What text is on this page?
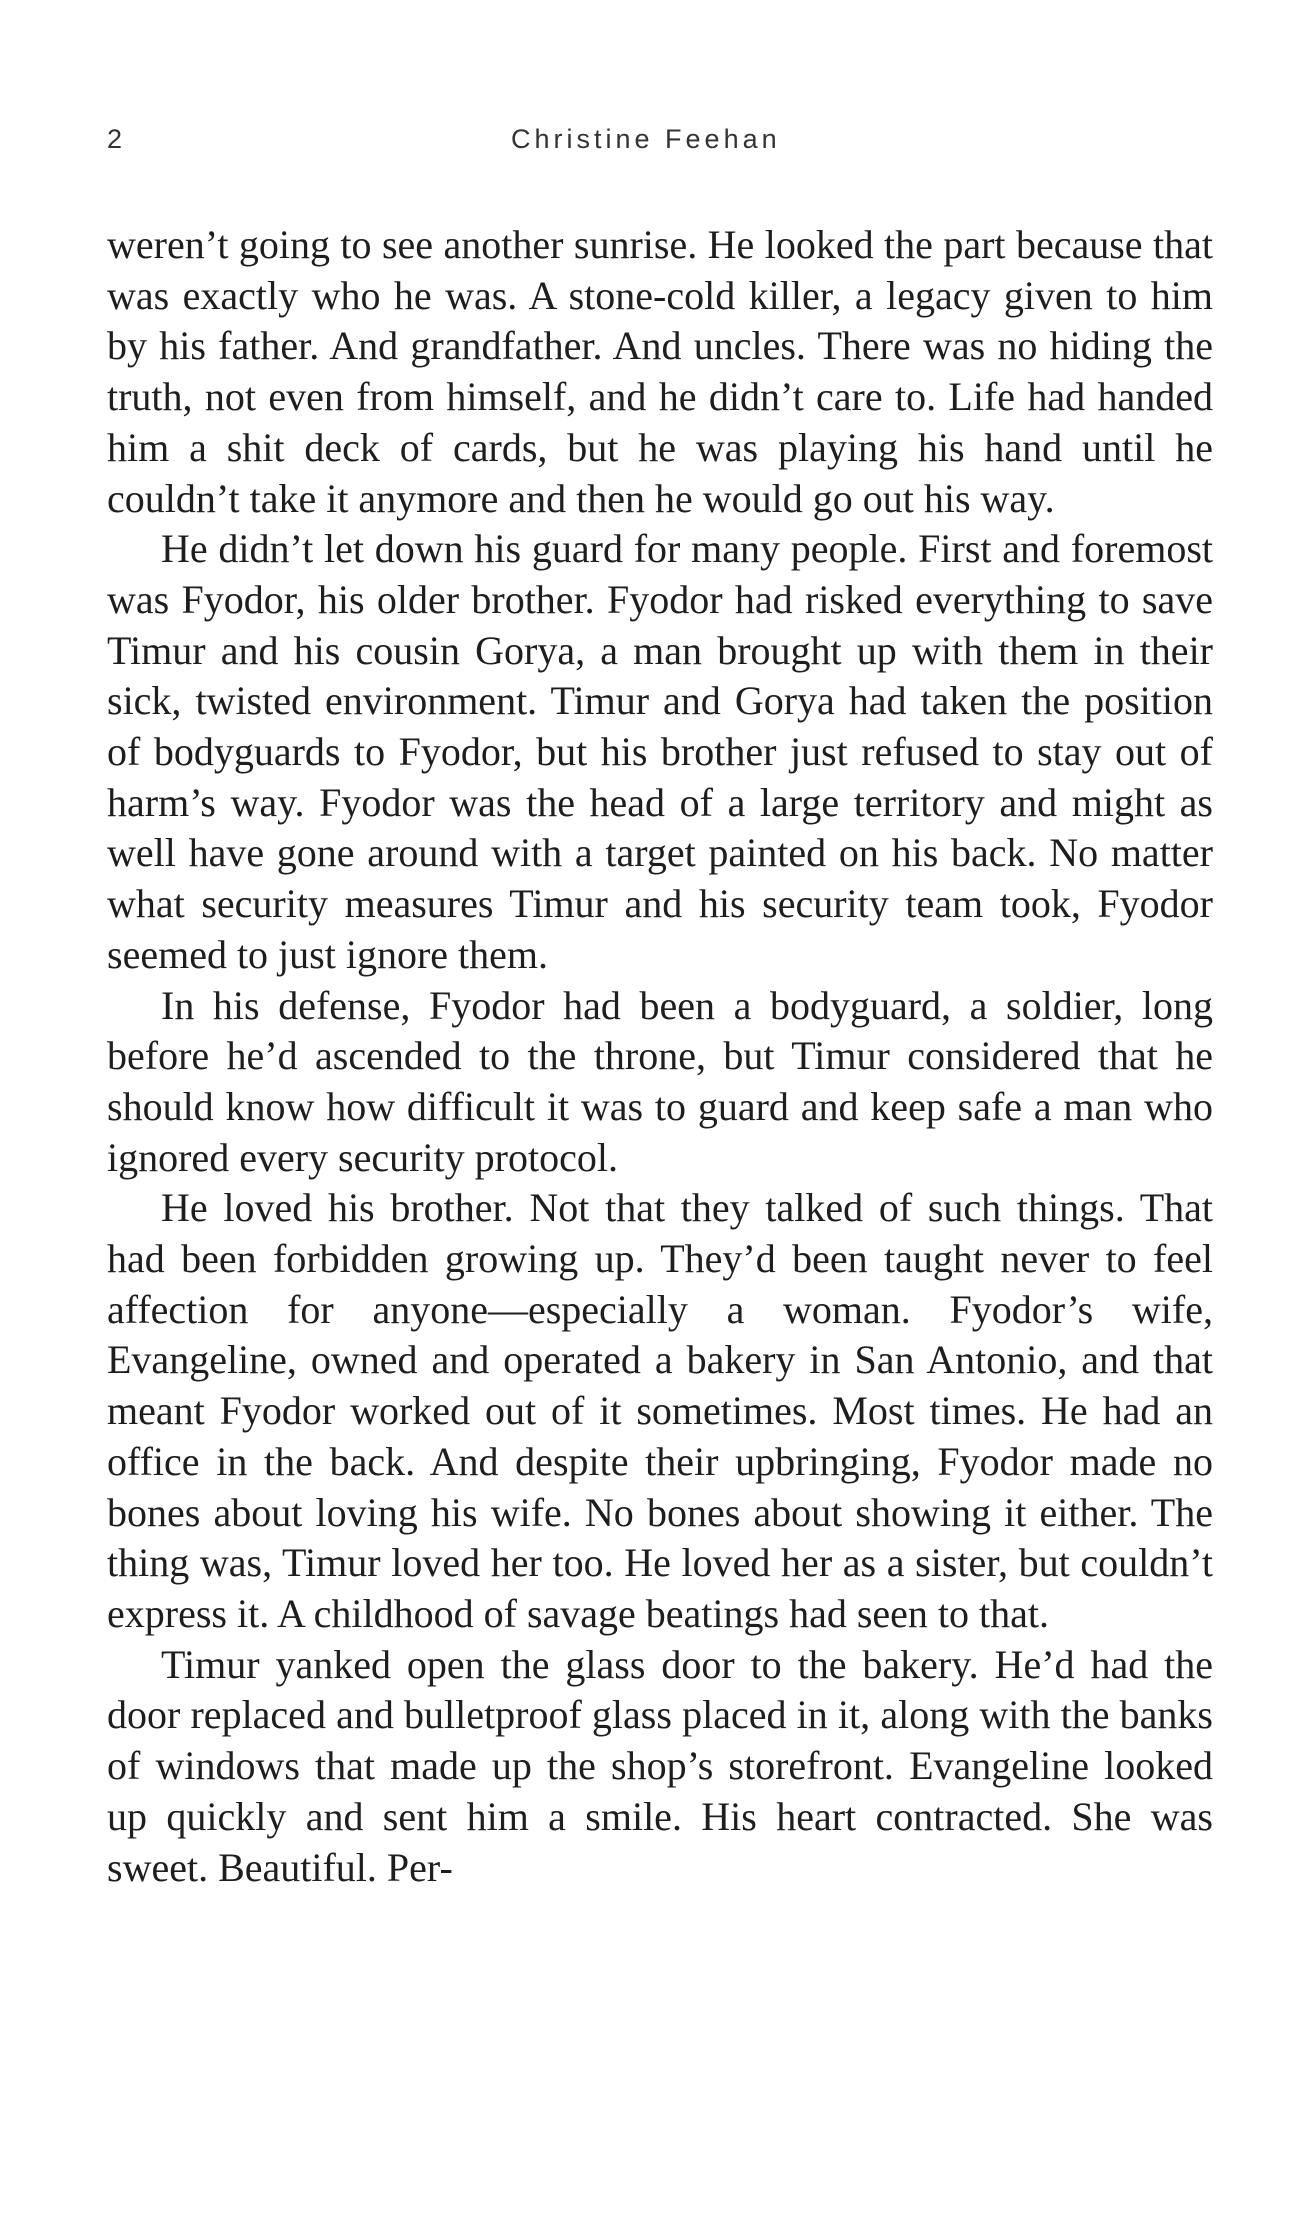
2	Christine Feehan

weren’t going to see another sunrise. He looked the part because that was exactly who he was. A stone-cold killer, a legacy given to him by his father. And grandfather. And uncles. There was no hiding the truth, not even from himself, and he didn’t care to. Life had handed him a shit deck of cards, but he was playing his hand until he couldn’t take it anymore and then he would go out his way.

He didn’t let down his guard for many people. First and foremost was Fyodor, his older brother. Fyodor had risked everything to save Timur and his cousin Gorya, a man brought up with them in their sick, twisted environment. Timur and Gorya had taken the position of bodyguards to Fyodor, but his brother just refused to stay out of harm’s way. Fyodor was the head of a large territory and might as well have gone around with a target painted on his back. No matter what security measures Timur and his security team took, Fyodor seemed to just ignore them.

In his defense, Fyodor had been a bodyguard, a soldier, long before he’d ascended to the throne, but Timur considered that he should know how difficult it was to guard and keep safe a man who ignored every security protocol.

He loved his brother. Not that they talked of such things. That had been forbidden growing up. They’d been taught never to feel affection for anyone—especially a woman. Fyodor’s wife, Evangeline, owned and operated a bakery in San Antonio, and that meant Fyodor worked out of it sometimes. Most times. He had an office in the back. And despite their upbringing, Fyodor made no bones about loving his wife. No bones about showing it either. The thing was, Timur loved her too. He loved her as a sister, but couldn’t express it. A childhood of savage beatings had seen to that.

Timur yanked open the glass door to the bakery. He’d had the door replaced and bulletproof glass placed in it, along with the banks of windows that made up the shop’s storefront. Evangeline looked up quickly and sent him a smile. His heart contracted. She was sweet. Beautiful. Per-
